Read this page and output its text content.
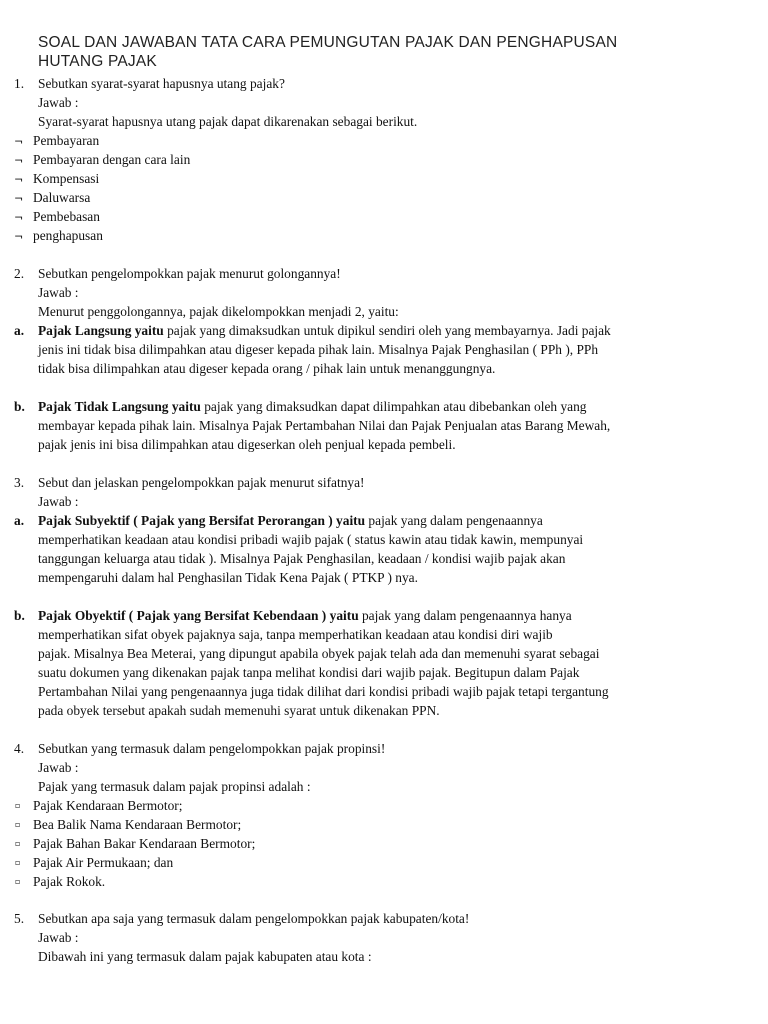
SOAL DAN JAWABAN TATA CARA PEMUNGUTAN PAJAK DAN PENGHAPUSAN
HUTANG PAJAK
1. Sebutkan syarat-syarat hapusnya utang pajak?
Jawab :
Syarat-syarat hapusnya utang pajak dapat dikarenakan sebagai berikut.
¬ Pembayaran
¬ Pembayaran dengan cara lain
¬ Kompensasi
¬ Daluwarsa
¬ Pembebasan
¬ penghapusan
2. Sebutkan pengelompokkan pajak menurut golongannya!
Jawab :
Menurut penggolongannya, pajak dikelompokkan menjadi 2, yaitu:
a. Pajak Langsung yaitu pajak yang dimaksudkan untuk dipikul sendiri oleh yang membayarnya. Jadi pajak
jenis ini tidak bisa dilimpahkan atau digeser kepada pihak lain. Misalnya Pajak Penghasilan ( PPh ), PPh
tidak bisa dilimpahkan atau digeser kepada orang / pihak lain untuk menanggungnya.
b. Pajak Tidak Langsung yaitu pajak yang dimaksudkan dapat dilimpahkan atau dibebankan oleh yang
membayar kepada pihak lain. Misalnya Pajak Pertambahan Nilai dan Pajak Penjualan atas Barang Mewah,
pajak jenis ini bisa dilimpahkan atau digeserkan oleh penjual kepada pembeli.
3. Sebut dan jelaskan pengelompokkan pajak menurut sifatnya!
Jawab :
a. Pajak Subyektif ( Pajak yang Bersifat Perorangan ) yaitu pajak yang dalam pengenaannya
memperhatikan keadaan atau kondisi pribadi wajib pajak ( status kawin atau tidak kawin, mempunyai
tanggungan keluarga atau tidak ). Misalnya Pajak Penghasilan, keadaan / kondisi wajib pajak akan
mempengaruhi dalam hal Penghasilan Tidak Kena Pajak ( PTKP ) nya.
b. Pajak Obyektif ( Pajak yang Bersifat Kebendaan ) yaitu pajak yang dalam pengenaannya hanya
memperhatikan sifat obyek pajaknya saja, tanpa memperhatikan keadaan atau kondisi diri wajib
pajak. Misalnya Bea Meterai, yang dipungut apabila obyek pajak telah ada dan memenuhi syarat sebagai
suatu dokumen yang dikenakan pajak tanpa melihat kondisi dari wajib pajak. Begitupun dalam Pajak
Pertambahan Nilai yang pengenaannya juga tidak dilihat dari kondisi pribadi wajib pajak tetapi tergantung
pada obyek tersebut apakah sudah memenuhi syarat untuk dikenakan PPN.
4. Sebutkan yang termasuk dalam pengelompokkan pajak propinsi!
Jawab :
Pajak yang termasuk dalam pajak propinsi adalah :
▫ Pajak Kendaraan Bermotor;
▫ Bea Balik Nama Kendaraan Bermotor;
▫ Pajak Bahan Bakar Kendaraan Bermotor;
▫ Pajak Air Permukaan; dan
▫ Pajak Rokok.
5. Sebutkan apa saja yang termasuk dalam pengelompokkan pajak kabupaten/kota!
Jawab :
Dibawah ini yang termasuk dalam pajak kabupaten atau kota :
